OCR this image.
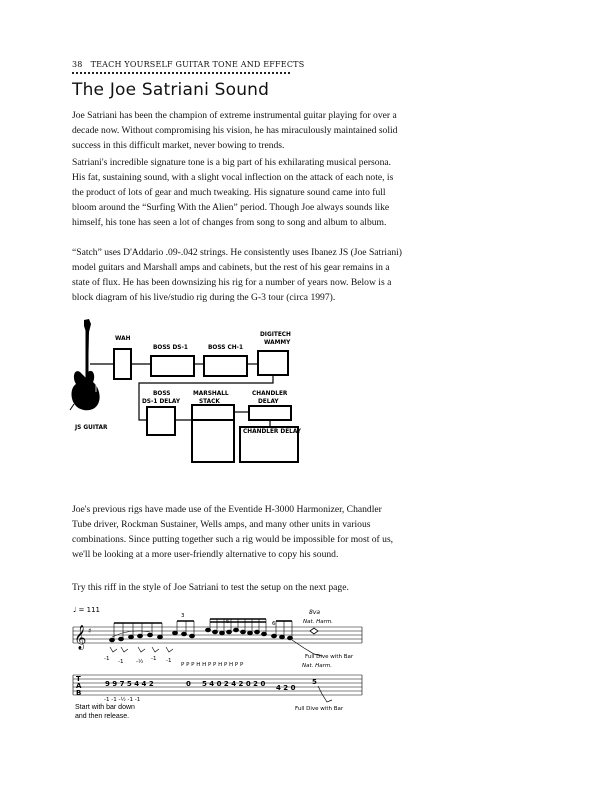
38 TEACH YOURSELF GUITAR TONE AND EFFECTS
The Joe Satriani Sound

Joe Satriani has been the champion of extreme instrumental guitar playing for over a decade now. Without compromising his vision, he has miraculously maintained solid success in this difficult market, never bowing to trends.

Satriani's incredible signature tone is a big part of his exhilarating musical persona. His fat, sustaining sound, with a slight vocal inflection on the attack of each note, is the product of lots of gear and much tweaking. His signature sound came into full bloom around the “Surfing With the Alien” period. Though Joe always sounds like himself, his tone has seen a lot of changes from song to song and album to album.

“Satch” uses D'Addario .09-.042 strings. He consistently uses Ibanez JS (Joe Satriani) model guitars and Marshall amps and cabinets, but the rest of his gear remains in a state of flux. He has been downsizing his rig for a number of years now. Below is a block diagram of his live/studio rig during the G-3 tour (circa 1997).

JS GUITAR
WAH
BOSS DS-1	BOSS CH-1
DIGITECH
WAMMY
BOSS
DS-1 DELAY
MARSHALL
STACK
CHANDLER
DELAY
CHANDLER DELAY

Joe's previous rigs have made use of the Eventide H-3000 Harmonizer, Chandler Tube driver, Rockman Sustainer, Wells amps, and many other units in various combinations. Since putting together such a rig would be impossible for most of us, we'll be looking at a more user-friendly alternative to copy his sound.

Try this riff in the style of Joe Satriani to test the setup on the next page.

♩ = 111	8va
Nat. Harm.
𝄞 ♯
3
6	6
-1 -1 -½ -1 -1
P P P H H P P H P H P P	Nat. Harm.
Full Dive with Bar
T
A
B
9 9 7 5 4 4 2	0 5 4 0 2 4 2 0 2 0 4 2 0
5
-1 -1 -½ -1 -1
Start with bar down
and then release.
Full Dive with Bar
